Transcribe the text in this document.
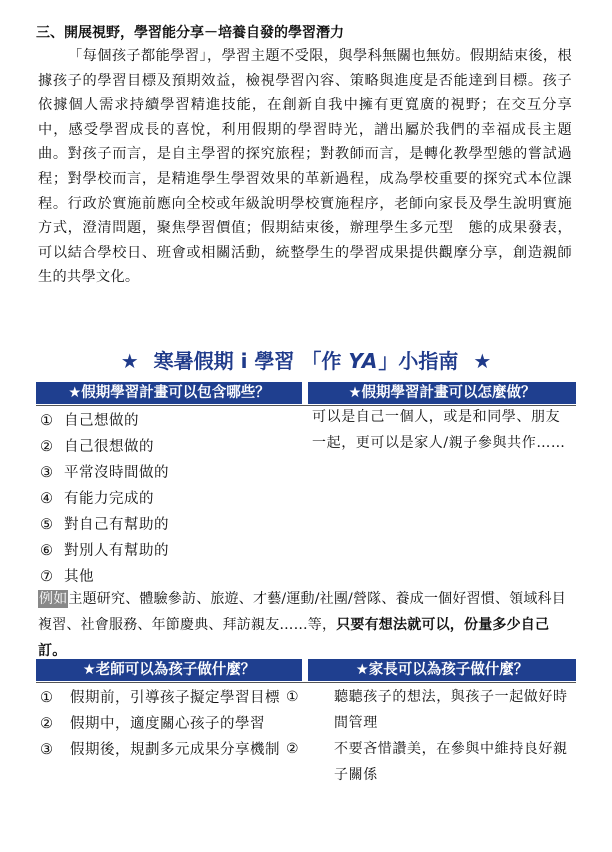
三、開展視野，學習能分享－培養自發的學習潛力
「每個孩子都能學習」，學習主題不受限，與學科無關也無妨。假期結束後，根據孩子的學習目標及預期效益，檢視學習內容、策略與進度是否能達到目標。孩子依據個人需求持續學習精進技能，在創新自我中擁有更寬廣的視野；在交互分享中，感受學習成長的喜悅，利用假期的學習時光，譜出屬於我們的幸福成長主題曲。對孩子而言，是自主學習的探究旅程；對教師而言，是轉化教學型態的嘗試過程；對學校而言，是精進學生學習效果的革新過程，成為學校重要的探究式本位課程。行政於實施前應向全校或年級說明學校實施程序，老師向家長及學生說明實施方式，澄清問題，聚焦學習價值；假期結束後，辦理學生多元型　態的成果發表，可以結合學校日、班會或相關活動，統整學生的學習成果提供觀摩分享，創造親師生的共學文化。
★ 寒暑假期 i 學習 「作 YA」小指南 ★
★假期學習計畫可以包含哪些？	★假期學習計畫可以怎麼做？
① 自己想做的
② 自己很想做的
③ 平常沒時間做的
④ 有能力完成的
⑤ 對自己有幫助的
⑥ 對別人有幫助的
⑦ 其他
可以是自己一個人，或是和同學、朋友一起，更可以是家人/親子參與共作……
例如主題研究、體驗參訪、旅遊、才藝/運動/社團/營隊、養成一個好習慣、領域科目複習、社會服務、年節慶典、拜訪親友……等，只要有想法就可以，份量多少自己訂。
★老師可以為孩子做什麼？	★家長可以為孩子做什麼？
① 假期前，引導孩子擬定學習目標
② 假期中，適度關心孩子的學習
③ 假期後，規劃多元成果分享機制
① 聽聽孩子的想法，與孩子一起做好時間管理
② 不要吝惜讚美，在參與中維持良好親子關係
